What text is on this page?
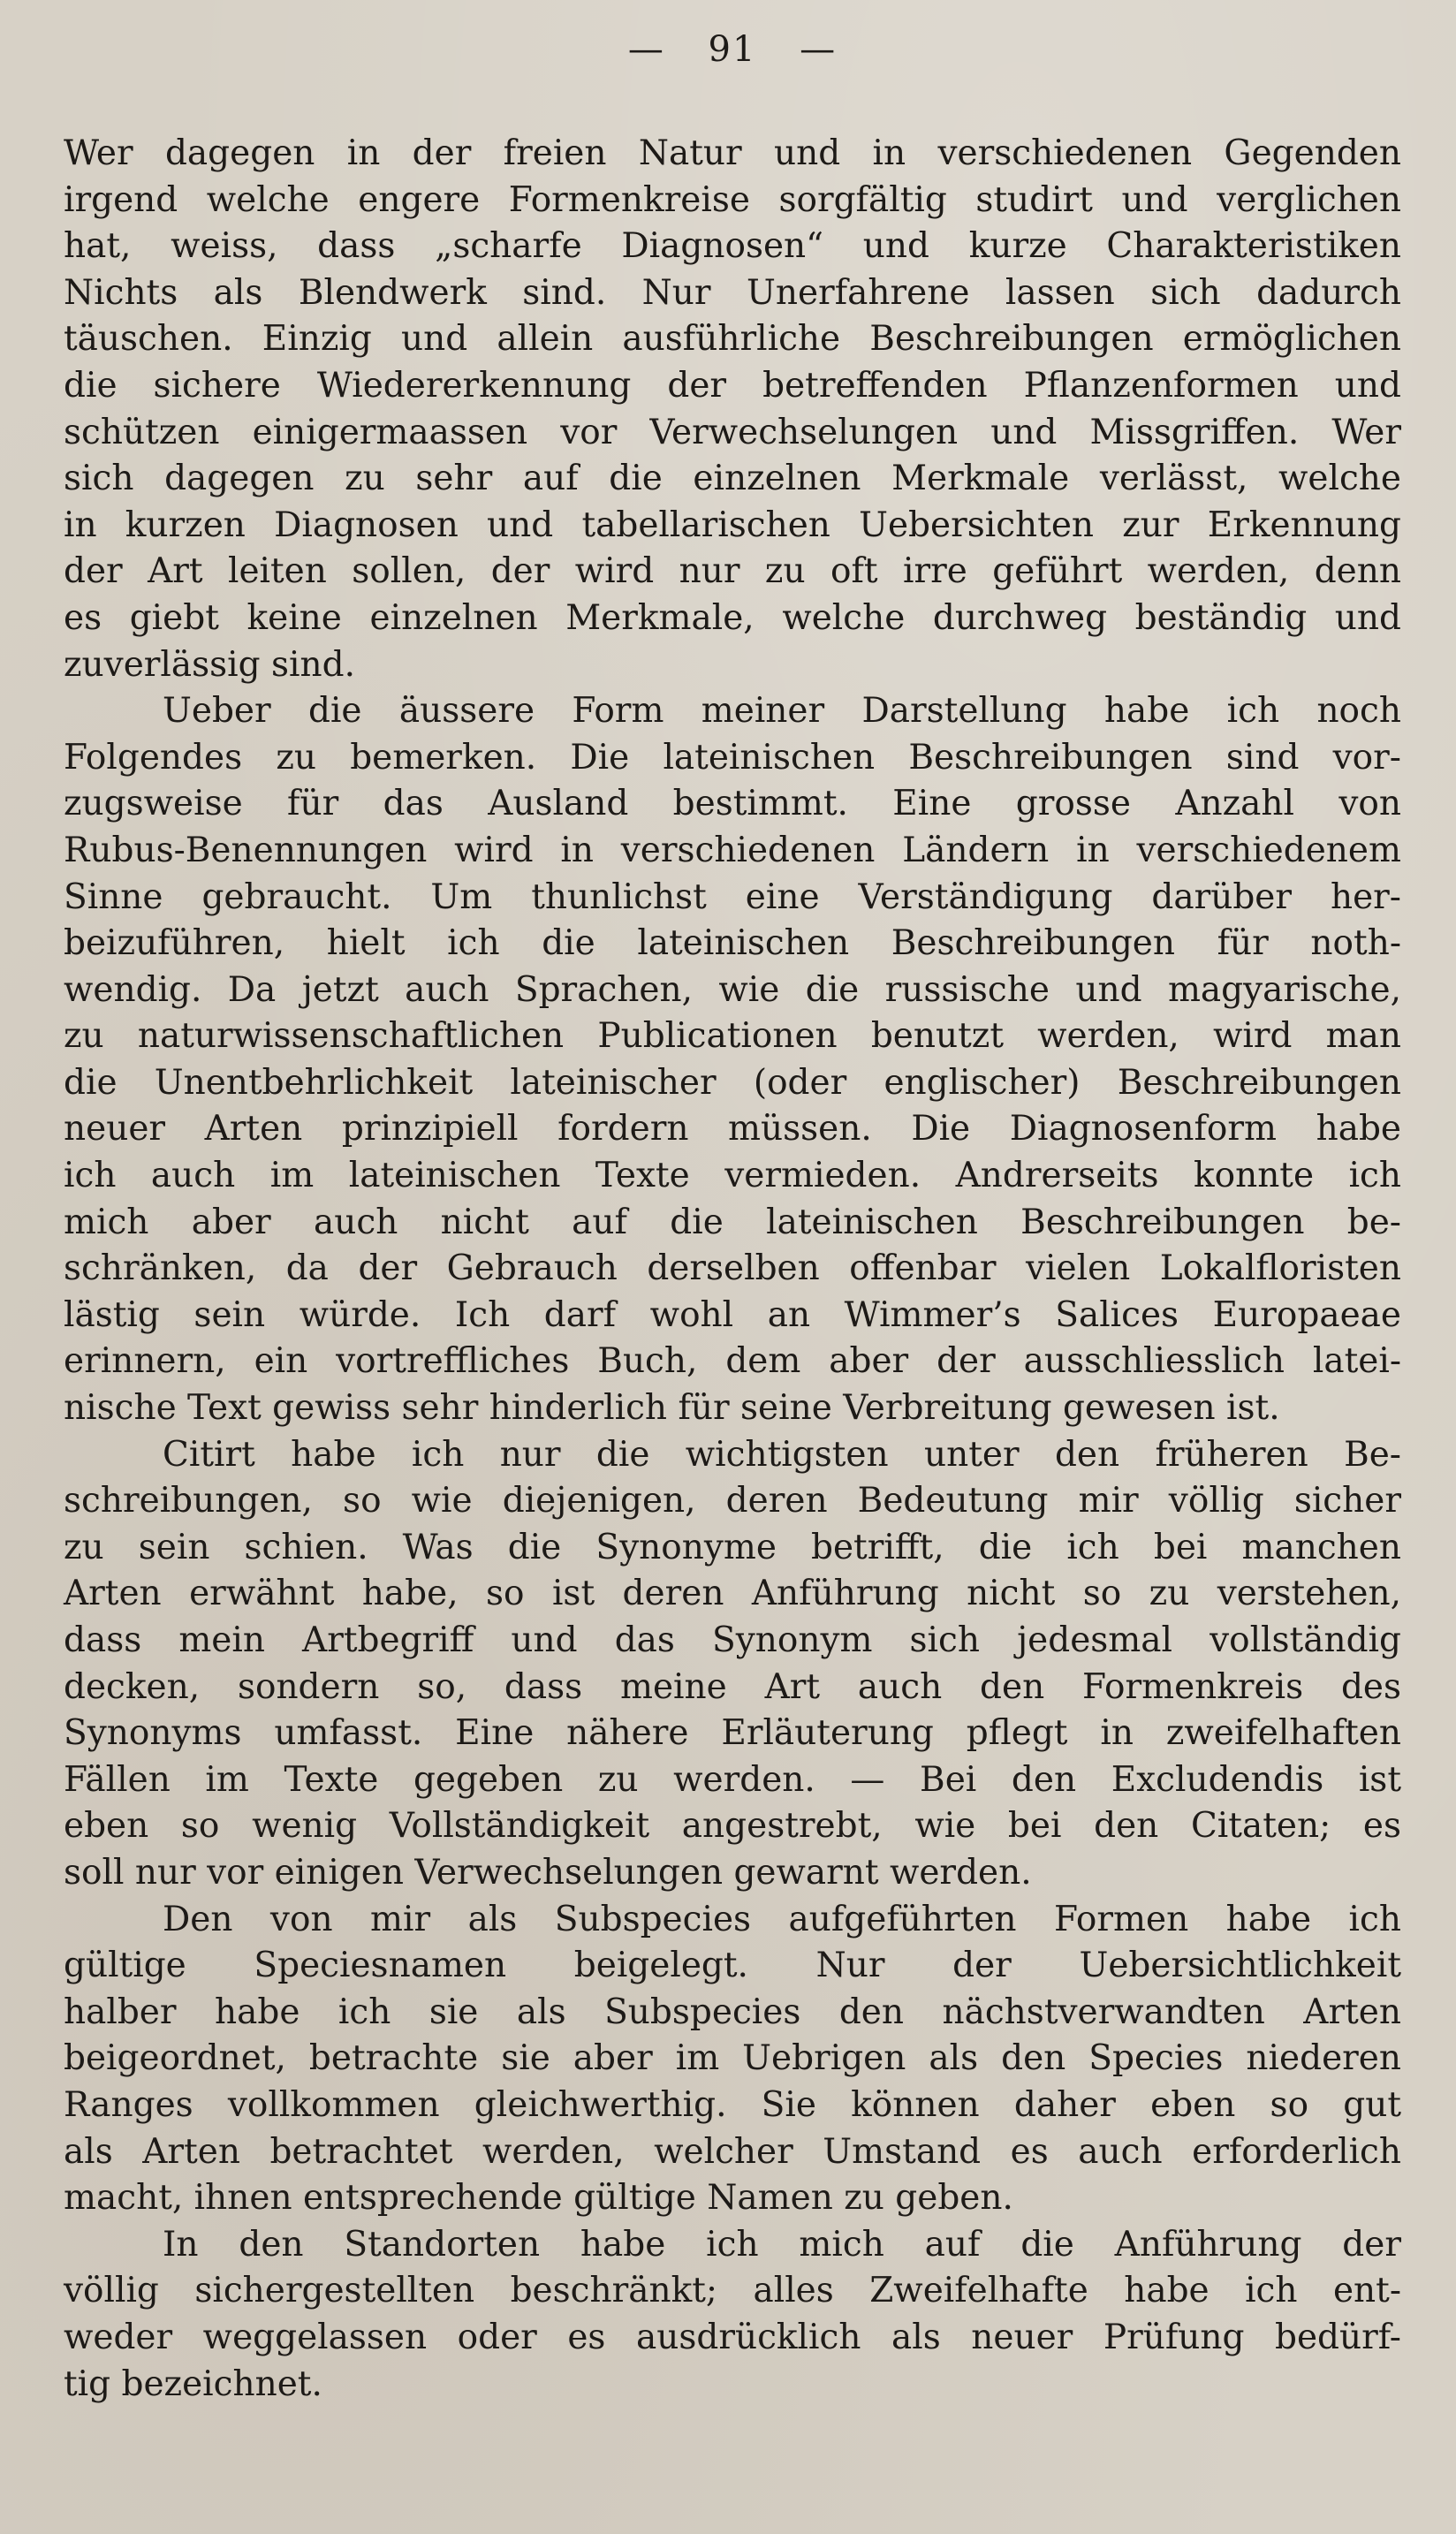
— 91 —

Wer dagegen in der freien Natur und in verschiedenen Gegenden
irgend welche engere Formenkreise sorgfältig studirt und verglichen
hat, weiss, dass „scharfe Diagnosen“ und kurze Charakteristiken
Nichts als Blendwerk sind. Nur Unerfahrene lassen sich dadurch
täuschen. Einzig und allein ausführliche Beschreibungen ermöglichen
die sichere Wiedererkennung der betreffenden Pflanzenformen und
schützen einigermaassen vor Verwechselungen und Missgriffen. Wer
sich dagegen zu sehr auf die einzelnen Merkmale verlässt, welche
in kurzen Diagnosen und tabellarischen Uebersichten zur Erkennung
der Art leiten sollen, der wird nur zu oft irre geführt werden, denn
es giebt keine einzelnen Merkmale, welche durchweg beständig und
zuverlässig sind.

Ueber die äussere Form meiner Darstellung habe ich noch
Folgendes zu bemerken. Die lateinischen Beschreibungen sind vor-
zugsweise für das Ausland bestimmt. Eine grosse Anzahl von
Rubus-Benennungen wird in verschiedenen Ländern in verschiedenem
Sinne gebraucht. Um thunlichst eine Verständigung darüber her-
beizuführen, hielt ich die lateinischen Beschreibungen für noth-
wendig. Da jetzt auch Sprachen, wie die russische und magyarische,
zu naturwissenschaftlichen Publicationen benutzt werden, wird man
die Unentbehrlichkeit lateinischer (oder englischer) Beschreibungen
neuer Arten prinzipiell fordern müssen. Die Diagnosenform habe
ich auch im lateinischen Texte vermieden. Andrerseits konnte ich
mich aber auch nicht auf die lateinischen Beschreibungen be-
schränken, da der Gebrauch derselben offenbar vielen Lokalfloristen
lästig sein würde. Ich darf wohl an Wimmer’s Salices Europaeae
erinnern, ein vortreffliches Buch, dem aber der ausschliesslich latei-
nische Text gewiss sehr hinderlich für seine Verbreitung gewesen ist.

Citirt habe ich nur die wichtigsten unter den früheren Be-
schreibungen, so wie diejenigen, deren Bedeutung mir völlig sicher
zu sein schien. Was die Synonyme betrifft, die ich bei manchen
Arten erwähnt habe, so ist deren Anführung nicht so zu verstehen,
dass mein Artbegriff und das Synonym sich jedesmal vollständig
decken, sondern so, dass meine Art auch den Formenkreis des
Synonyms umfasst. Eine nähere Erläuterung pflegt in zweifelhaften
Fällen im Texte gegeben zu werden. — Bei den Excludendis ist
eben so wenig Vollständigkeit angestrebt, wie bei den Citaten; es
soll nur vor einigen Verwechselungen gewarnt werden.

Den von mir als Subspecies aufgeführten Formen habe ich
gültige Speciesnamen beigelegt. Nur der Uebersichtlichkeit
halber habe ich sie als Subspecies den nächstverwandten Arten
beigeordnet, betrachte sie aber im Uebrigen als den Species niederen
Ranges vollkommen gleichwerthig. Sie können daher eben so gut
als Arten betrachtet werden, welcher Umstand es auch erforderlich
macht, ihnen entsprechende gültige Namen zu geben.

In den Standorten habe ich mich auf die Anführung der
völlig sichergestellten beschränkt; alles Zweifelhafte habe ich ent-
weder weggelassen oder es ausdrücklich als neuer Prüfung bedürf-
tig bezeichnet.
